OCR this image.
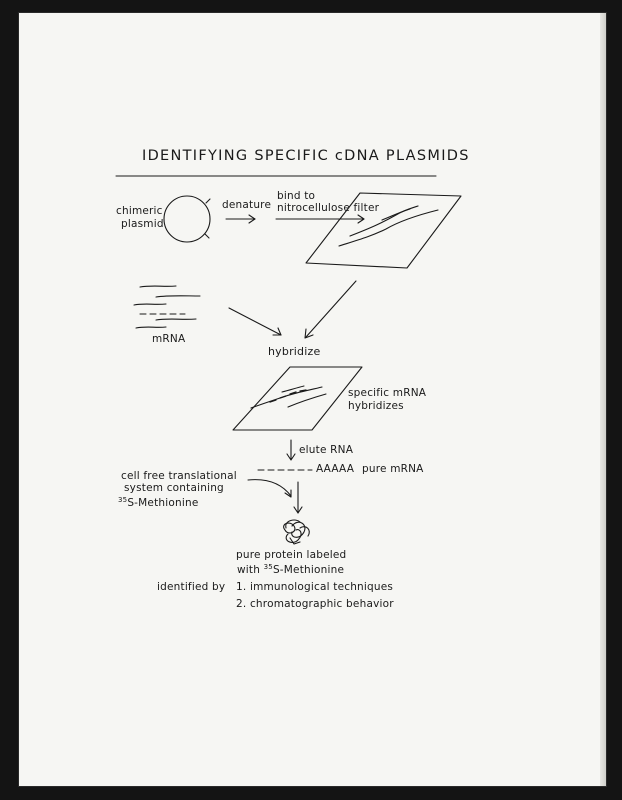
IDENTIFYING SPECIFIC cDNA PLASMIDS
chimeric
plasmid
denature
bind to
nitrocellulose filter
mRNA
hybridize
specific mRNA
hybridizes
elute RNA
AAAAA pure mRNA
cell free translational
system containing
$^{35}$S-Methionine
pure protein labeled
with $^{35}$S-Methionine
identified by 1. immunological techniques
2. chromatographic behavior
